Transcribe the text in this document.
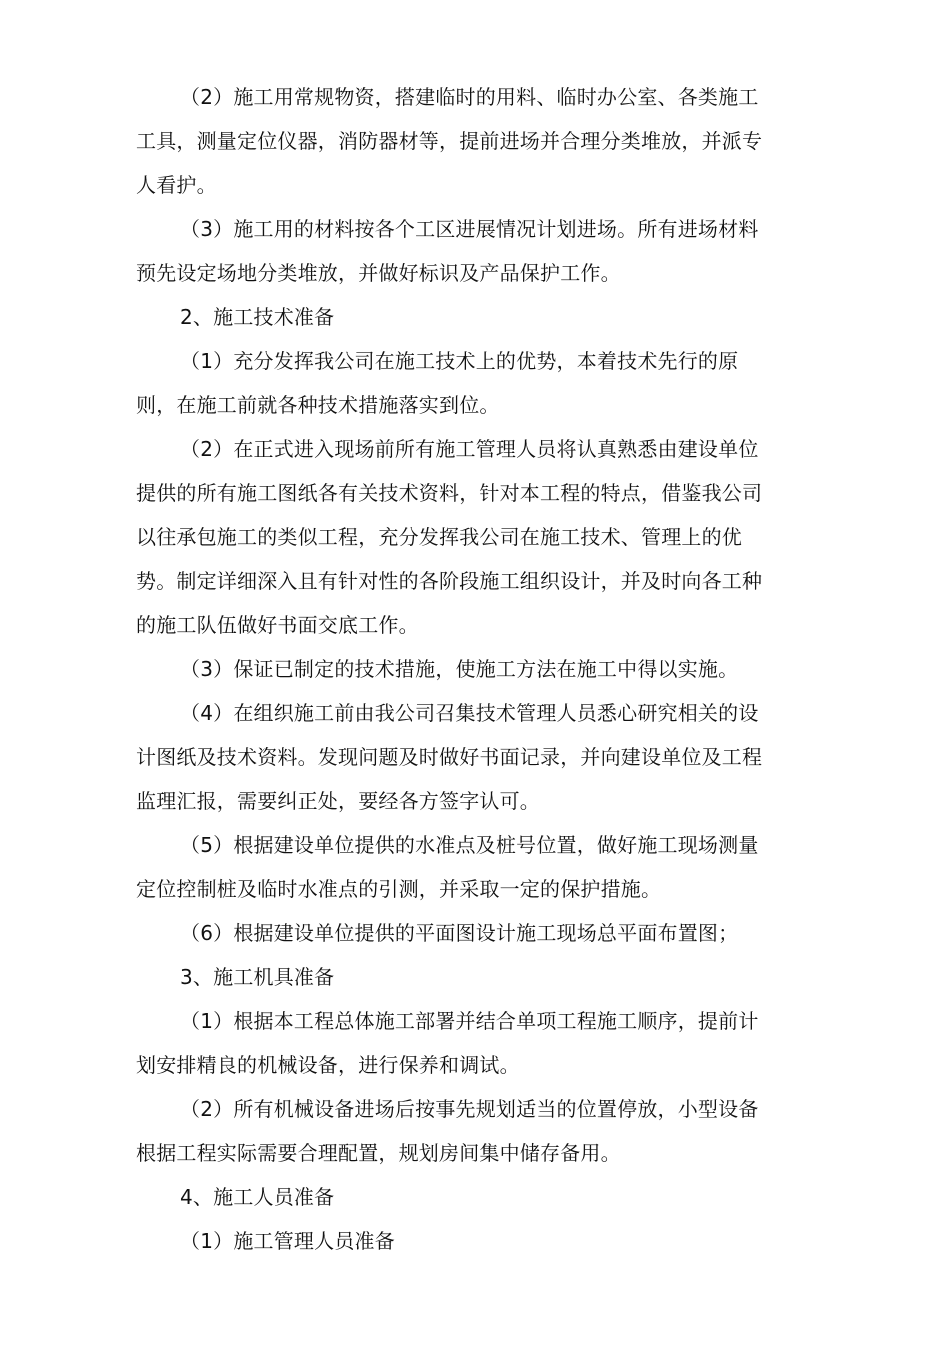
（2）施工用常规物资，搭建临时的用料、临时办公室、各类施工
工具，测量定位仪器，消防器材等，提前进场并合理分类堆放，并派专
人看护。
（3）施工用的材料按各个工区进展情况计划进场。所有进场材料
预先设定场地分类堆放，并做好标识及产品保护工作。
2、施工技术准备
（1）充分发挥我公司在施工技术上的优势，本着技术先行的原
则，在施工前就各种技术措施落实到位。
（2）在正式进入现场前所有施工管理人员将认真熟悉由建设单位
提供的所有施工图纸各有关技术资料，针对本工程的特点，借鉴我公司
以往承包施工的类似工程，充分发挥我公司在施工技术、管理上的优
势。制定详细深入且有针对性的各阶段施工组织设计，并及时向各工种
的施工队伍做好书面交底工作。
（3）保证已制定的技术措施，使施工方法在施工中得以实施。
（4）在组织施工前由我公司召集技术管理人员悉心研究相关的设
计图纸及技术资料。发现问题及时做好书面记录，并向建设单位及工程
监理汇报，需要纠正处，要经各方签字认可。
（5）根据建设单位提供的水准点及桩号位置，做好施工现场测量
定位控制桩及临时水准点的引测，并采取一定的保护措施。
（6）根据建设单位提供的平面图设计施工现场总平面布置图；
3、施工机具准备
（1）根据本工程总体施工部署并结合单项工程施工顺序，提前计
划安排精良的机械设备，进行保养和调试。
（2）所有机械设备进场后按事先规划适当的位置停放，小型设备
根据工程实际需要合理配置，规划房间集中储存备用。
4、施工人员准备
（1）施工管理人员准备
